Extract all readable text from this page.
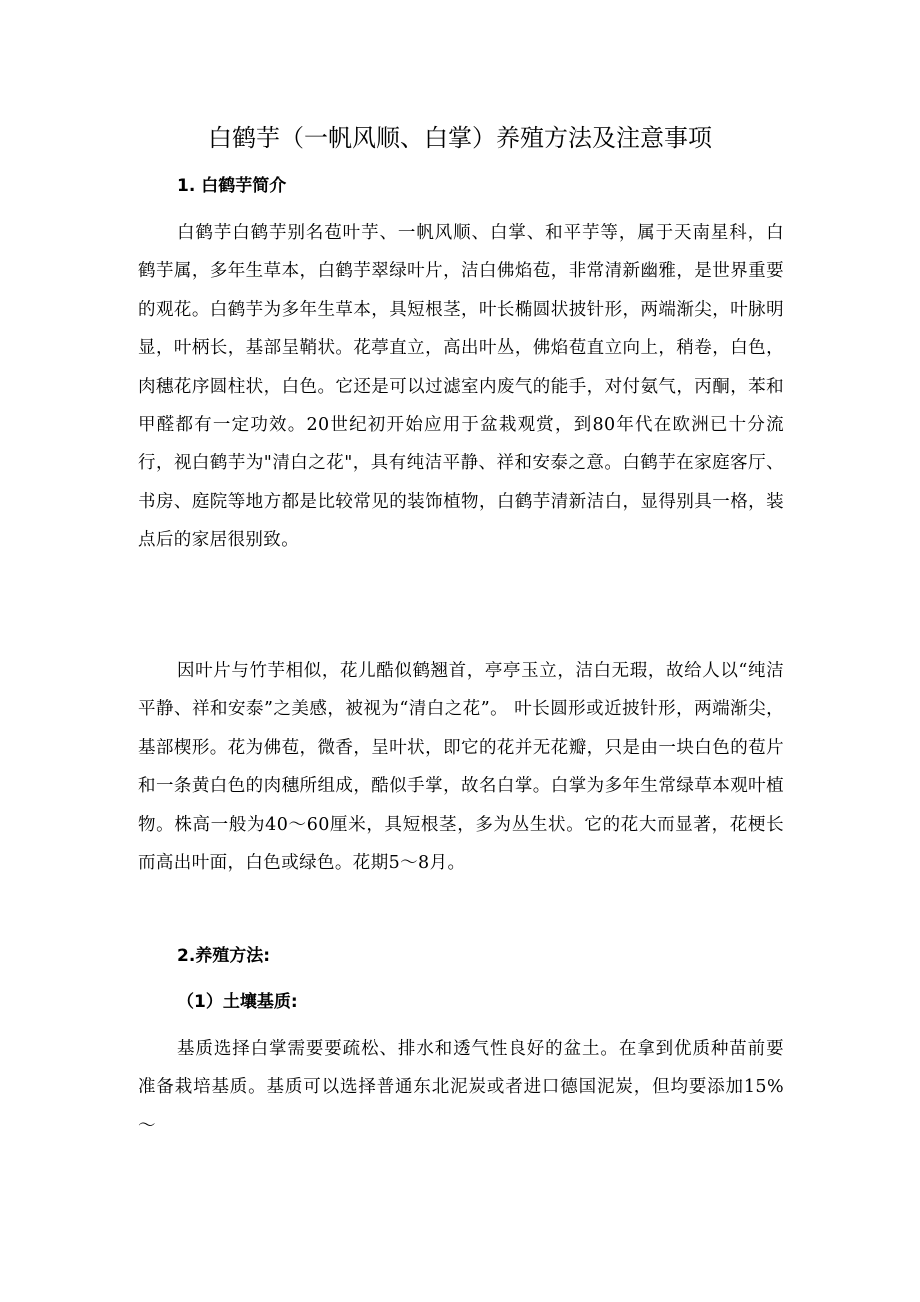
白鹤芋（一帆风顺、白掌）养殖方法及注意事项
1. 白鹤芋简介

白鹤芋白鹤芋别名苞叶芋、一帆风顺、白掌、和平芋等，属于天南星科，白鹤芋属，多年生草本，白鹤芋翠绿叶片，洁白佛焰苞，非常清新幽雅，是世界重要的观花。白鹤芋为多年生草本，具短根茎，叶长椭圆状披针形，两端渐尖，叶脉明显，叶柄长，基部呈鞘状。花葶直立，高出叶丛，佛焰苞直立向上，稍卷，白色，肉穗花序圆柱状，白色。它还是可以过滤室内废气的能手，对付氨气，丙酮，苯和甲醛都有一定功效。20世纪初开始应用于盆栽观赏，到80年代在欧洲已十分流行，视白鹤芋为"清白之花"，具有纯洁平静、祥和安泰之意。白鹤芋在家庭客厅、书房、庭院等地方都是比较常见的装饰植物，白鹤芋清新洁白，显得别具一格，装点后的家居很别致。

因叶片与竹芋相似，花儿酷似鹤翘首，亭亭玉立，洁白无瑕，故给人以“纯洁平静、祥和安泰”之美感，被视为“清白之花”。 叶长圆形或近披针形，两端渐尖，基部楔形。花为佛苞，微香，呈叶状，即它的花并无花瓣，只是由一块白色的苞片和一条黄白色的肉穗所组成，酷似手掌，故名白掌。白掌为多年生常绿草本观叶植物。株高一般为40～60厘米，具短根茎，多为丛生状。它的花大而显著，花梗长而高出叶面，白色或绿色。花期5～8月。

2.养殖方法:
（1）土壤基质:

基质选择白掌需要要疏松、排水和透气性良好的盆土。在拿到优质种苗前要准备栽培基质。基质可以选择普通东北泥炭或者进口德国泥炭，但均要添加15%～
